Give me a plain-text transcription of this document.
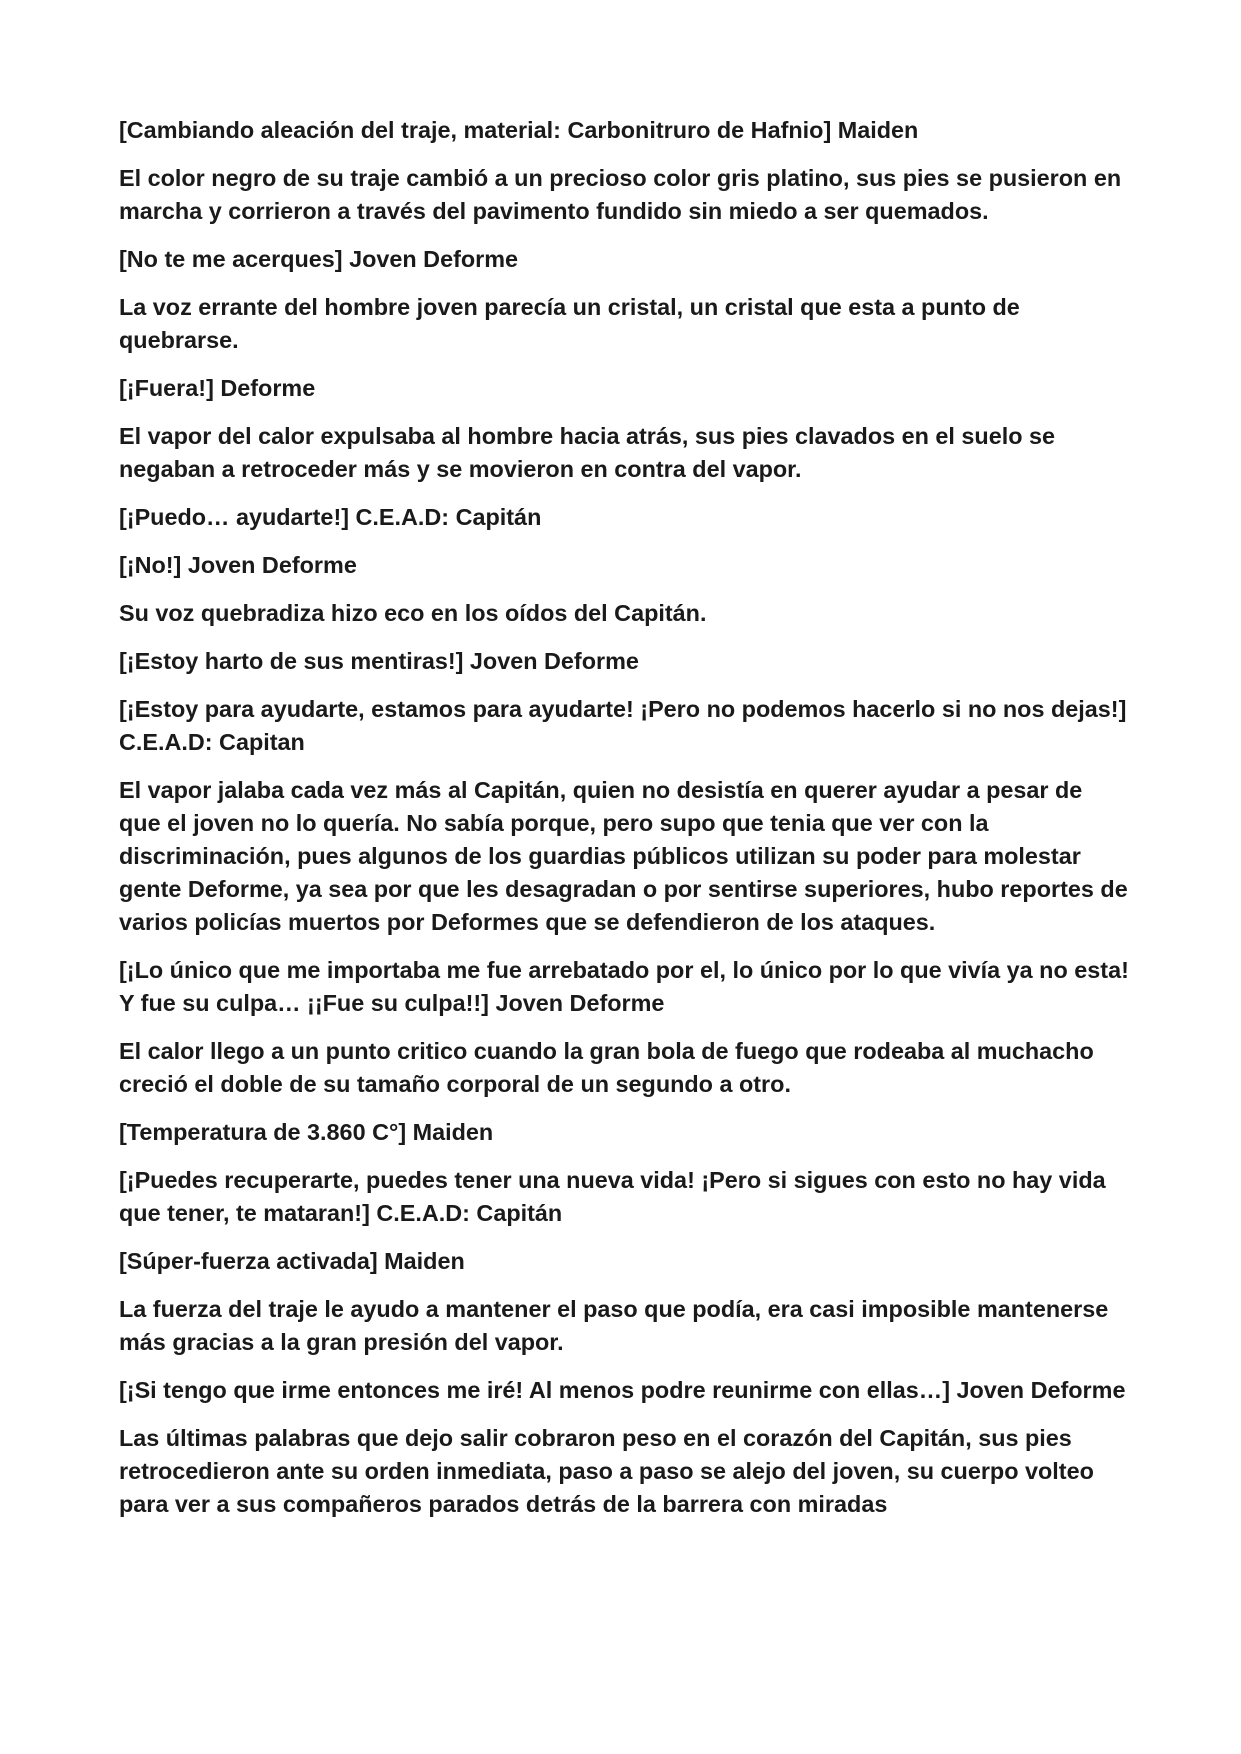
[Cambiando aleación del traje, material: Carbonitruro de Hafnio] Maiden

El color negro de su traje cambió a un precioso color gris platino, sus pies se pusieron en marcha y corrieron a través del pavimento fundido sin miedo a ser quemados.

[No te me acerques] Joven Deforme

La voz errante del hombre joven parecía un cristal, un cristal que esta a punto de quebrarse.

[¡Fuera!] Deforme

El vapor del calor expulsaba al hombre hacia atrás, sus pies clavados en el suelo se negaban a retroceder más y se movieron en contra del vapor.

[¡Puedo… ayudarte!] C.E.A.D: Capitán

[¡No!] Joven Deforme

Su voz quebradiza hizo eco en los oídos del Capitán.

[¡Estoy harto de sus mentiras!] Joven Deforme

[¡Estoy para ayudarte, estamos para ayudarte! ¡Pero no podemos hacerlo si no nos dejas!] C.E.A.D: Capitan

El vapor jalaba cada vez más al Capitán, quien no desistía en querer ayudar a pesar de que el joven no lo quería. No sabía porque, pero supo que tenia que ver con la discriminación, pues algunos de los guardias públicos utilizan su poder para molestar gente Deforme, ya sea por que les desagradan o por sentirse superiores, hubo reportes de varios policías muertos por Deformes que se defendieron de los ataques.

[¡Lo único que me importaba me fue arrebatado por el, lo único por lo que vivía ya no esta! Y fue su culpa… ¡¡Fue su culpa!!] Joven Deforme

El calor llego a un punto critico cuando la gran bola de fuego que rodeaba al muchacho creció el doble de su tamaño corporal de un segundo a otro.

[Temperatura de 3.860 C°] Maiden

[¡Puedes recuperarte, puedes tener una nueva vida! ¡Pero si sigues con esto no hay vida que tener, te mataran!] C.E.A.D: Capitán

[Súper-fuerza activada] Maiden

La fuerza del traje le ayudo a mantener el paso que podía, era casi imposible mantenerse más gracias a la gran presión del vapor.

[¡Si tengo que irme entonces me iré! Al menos podre reunirme con ellas…] Joven Deforme

Las últimas palabras que dejo salir cobraron peso en el corazón del Capitán, sus pies retrocedieron ante su orden inmediata, paso a paso se alejo del joven, su cuerpo volteo para ver a sus compañeros parados detrás de la barrera con miradas
